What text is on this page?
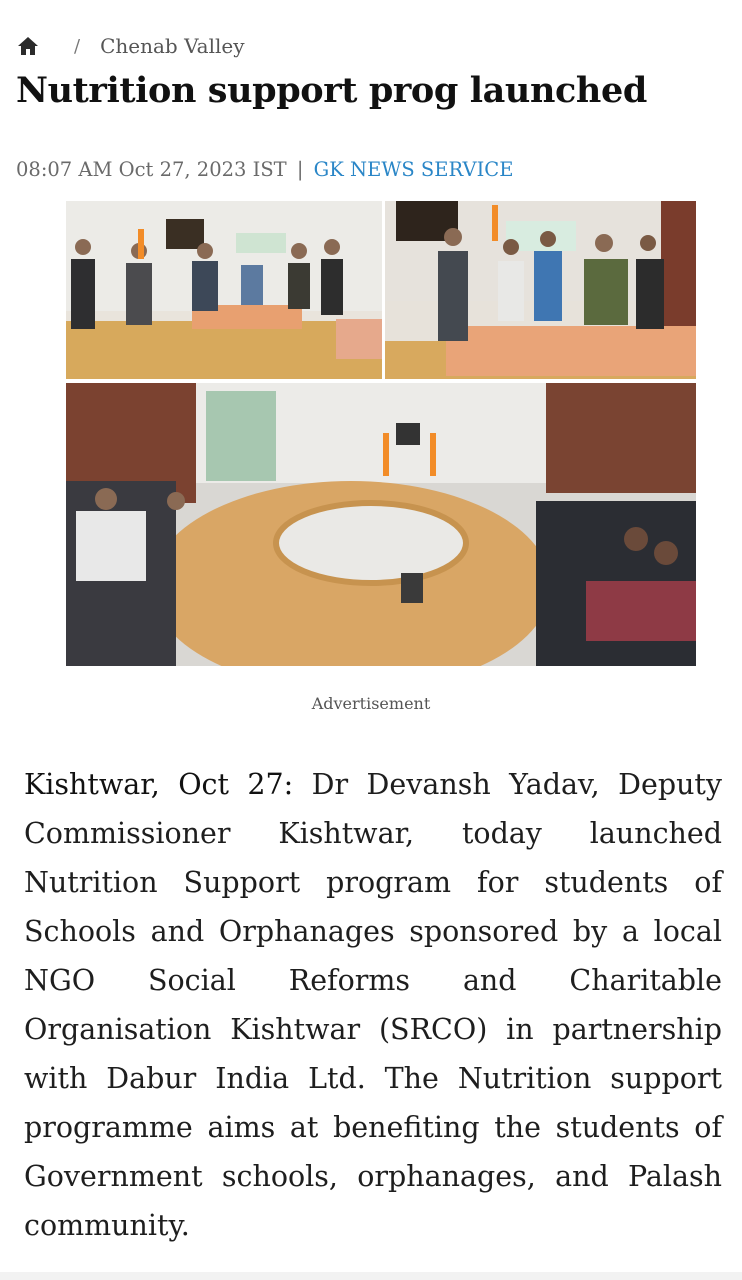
/ Chenab Valley
Nutrition support prog launched
08:07 AM Oct 27, 2023 IST | GK NEWS SERVICE
Advertisement

Kishtwar, Oct 27: Dr Devansh Yadav, Deputy Commissioner Kishtwar, today launched Nutrition Support program for students of Schools and Orphanages sponsored by a local NGO Social Reforms and Charitable Organisation Kishtwar (SRCO) in partnership with Dabur India Ltd. The Nutrition support programme aims at benefiting the students of Government schools, orphanages, and Palash community.
